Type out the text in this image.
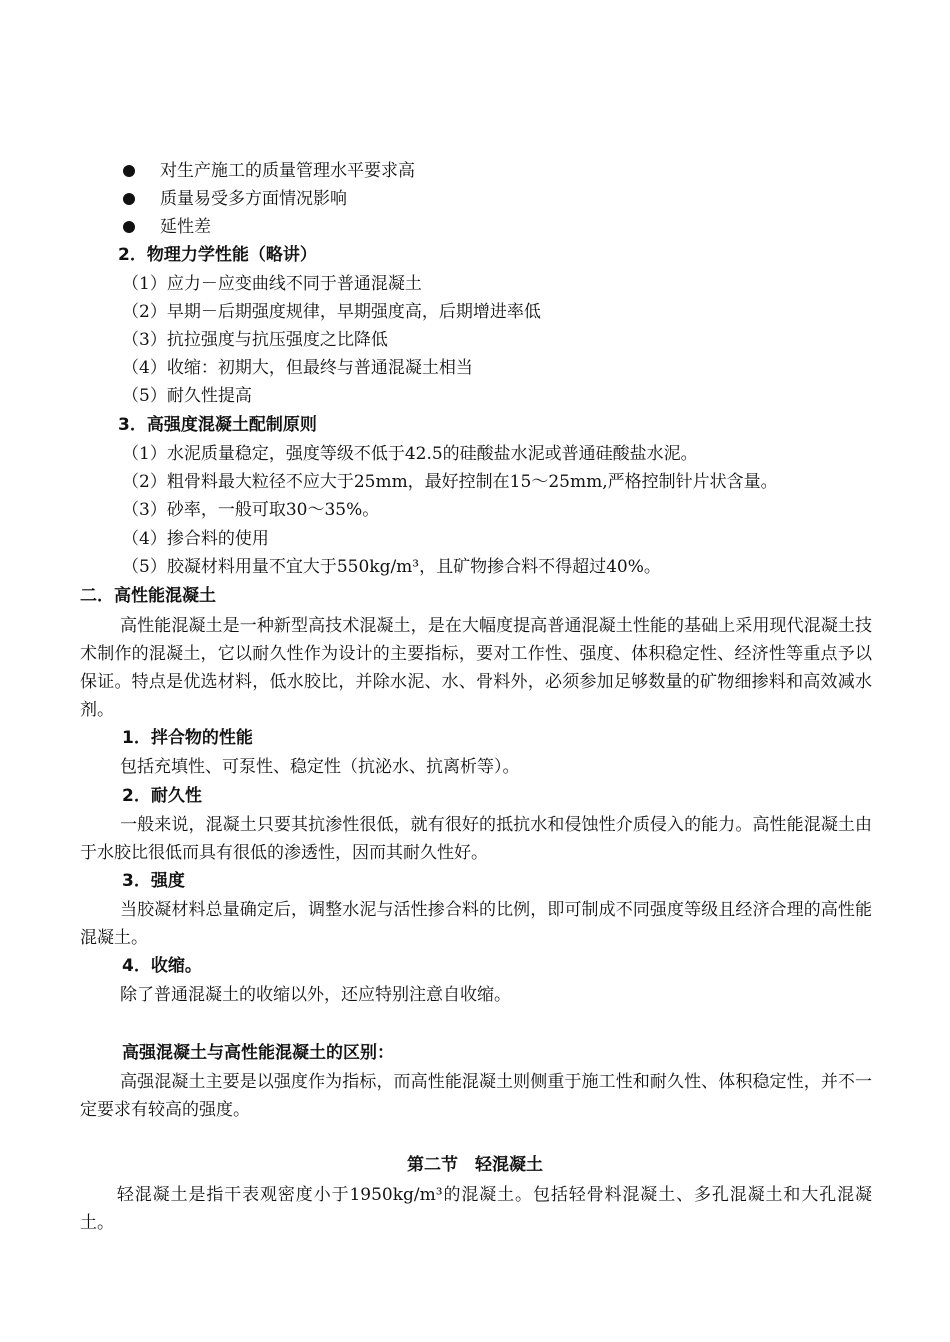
对生产施工的质量管理水平要求高
质量易受多方面情况影响
延性差
2．物理力学性能（略讲）
（1）应力－应变曲线不同于普通混凝土
（2）早期－后期强度规律，早期强度高，后期增进率低
（3）抗拉强度与抗压强度之比降低
（4）收缩：初期大，但最终与普通混凝土相当
（5）耐久性提高
3．高强度混凝土配制原则
（1）水泥质量稳定，强度等级不低于42.5的硅酸盐水泥或普通硅酸盐水泥。
（2）粗骨料最大粒径不应大于25mm，最好控制在15～25mm,严格控制针片状含量。
（3）砂率，一般可取30～35%。
（4）掺合料的使用
（5）胶凝材料用量不宜大于550kg/m³，且矿物掺合料不得超过40%。
二．高性能混凝土
高性能混凝土是一种新型高技术混凝土，是在大幅度提高普通混凝土性能的基础上采用现代混凝土技术制作的混凝土，它以耐久性作为设计的主要指标，要对工作性、强度、体积稳定性、经济性等重点予以保证。特点是优选材料，低水胶比，并除水泥、水、骨料外，必须参加足够数量的矿物细掺料和高效减水剂。
1．拌合物的性能
包括充填性、可泵性、稳定性（抗泌水、抗离析等）。
2．耐久性
一般来说，混凝土只要其抗渗性很低，就有很好的抵抗水和侵蚀性介质侵入的能力。高性能混凝土由于水胶比很低而具有很低的渗透性，因而其耐久性好。
3．强度
当胶凝材料总量确定后，调整水泥与活性掺合料的比例，即可制成不同强度等级且经济合理的高性能混凝土。
4．收缩。
除了普通混凝土的收缩以外，还应特别注意自收缩。
高强混凝土与高性能混凝土的区别：
高强混凝土主要是以强度作为指标，而高性能混凝土则侧重于施工性和耐久性、体积稳定性，并不一定要求有较高的强度。
第二节　轻混凝土
轻混凝土是指干表观密度小于1950kg/m³的混凝土。包括轻骨料混凝土、多孔混凝土和大孔混凝土。
